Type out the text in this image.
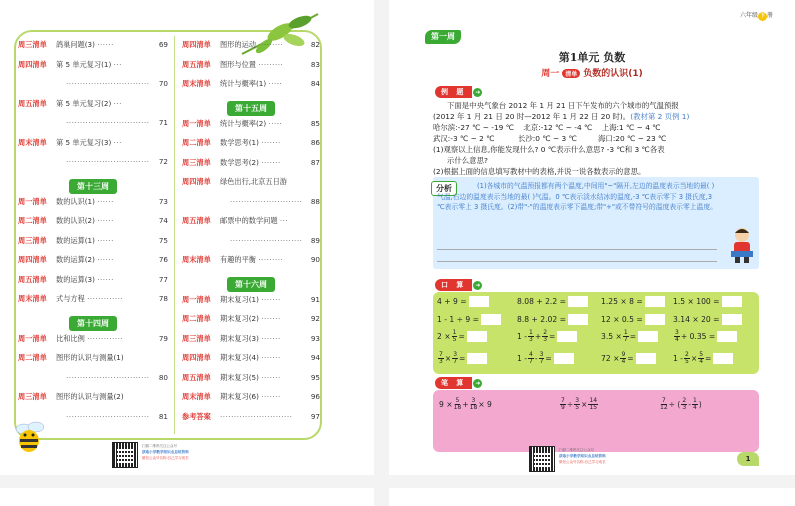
周三清单	鸽巢问题(3) ······	69
周四清单	第 5 单元复习(1) ···
······························	70
周五清单	第 5 单元复习(2) ···
······························	71
周末清单	第 5 单元复习(3) ···
······························	72
第十三周
周一清单	数的认识(1) ······	73
周二清单	数的认识(2) ······	74
周三清单	数的运算(1) ······	75
周四清单	数的运算(2) ······	76
周五清单	数的运算(3) ······	77
周末清单	式与方程 ·············	78
第十四周
周一清单	比和比例 ·············	79
周二清单	图形的认识与测量(1)
······························	80
周三清单	图形的认识与测量(2)
······························	81
周四清单	图形的运动 ·········	82
周五清单	图形与位置 ·········	83
周末清单	统计与概率(1) ·····	84
第十五周
周一清单	统计与概率(2) ·····	85
周二清单	数学思考(1) ·······	86
周三清单	数学思考(2) ·······	87
周四清单	绿色出行,北京五日游
··························	88
周五清单	邮票中的数学问题 ···
··························	89
周末清单	有趣的平衡 ·········	90
第十六周
周一清单	期末复习(1) ·······	91
周二清单	期末复习(2) ·······	92
周三清单	期末复习(3) ·······	93
周四清单	期末复习(4) ·······	94
周五清单	期末复习(5) ·······	95
周末清单	期末复习(6) ·······	96
参考答案	··························	97
扫描二维码关注公众号
获取小学数学知识点总结资料
微信公众号名称:自己学习成长
六年级 下 册
第一周
第1单元 负数
周一 清单 负数的认识(1)
例 题	➜
下面是中央气象台 2012 年 1 月 21 日下午发布的六个城市的气温预报
(2012 年 1 月 21 日 20 时—2012 年 1 月 22 日 20 时)。(教材第 2 页例 1)
哈尔滨:-27 ℃ ~ -19 ℃    北京:-12 ℃ ~ -4 ℃    上海:1 ℃ ~ 4 ℃
武汉:-3 ℃ ~ 2 ℃          长沙:0 ℃ ~ 3 ℃         海口:20 ℃ ~ 23 ℃
(1)观察以上信息,你能发现什么? 0 ℃表示什么意思? -3 ℃和 3 ℃各表
示什么意思?
(2)根据上面的信息填写教材中的表格,并说一说各数表示的意思。
分析	(1)各城市的气温预报都有两个温度,中间用"~"隔开,左边的温度表示当地的最( )气温,右边的温度表示当地的最( )气温。0 ℃表示淡水结冰的温度,-3 ℃表示零下 3 摄氏度,3 ℃表示零上 3 摄氏度。(2)带"-"的温度表示零下温度;带"+"或不带符号的温度表示零上温度。
口 算	➜
4 + 9 =	8.08 + 2.2 =	1.25 × 8 =	1.5 × 100 =
1 - 1 ÷ 9 =	8.8 + 2.02 =	12 × 0.5 =	3.14 × 20 =
$2 \times \frac{1}{5}$ =	$1 - \frac{1}{3} + \frac{2}{3}$ =	$3.5 \times \frac{1}{7}$ =	$\frac{3}{4} + 0.35$ =
$\frac{7}{3} \times \frac{3}{7}$ =	$1 - \frac{4}{7} - \frac{3}{7}$ =	$72 \times \frac{9}{4}$ =	$1 - \frac{2}{5} \times \frac{5}{4}$ =
笔 算	➜
$9 \times \frac{5}{18} + \frac{3}{18} \times 9$	$\frac{7}{9} \div \frac{3}{5} \times \frac{14}{15}$	$\frac{7}{12}$ ÷ ( $\frac{2}{3} - \frac{1}{4}$ )
扫描二维码关注公众号
获取小学数学知识点总结资料
微信公众号名称:自己学习成长	1
